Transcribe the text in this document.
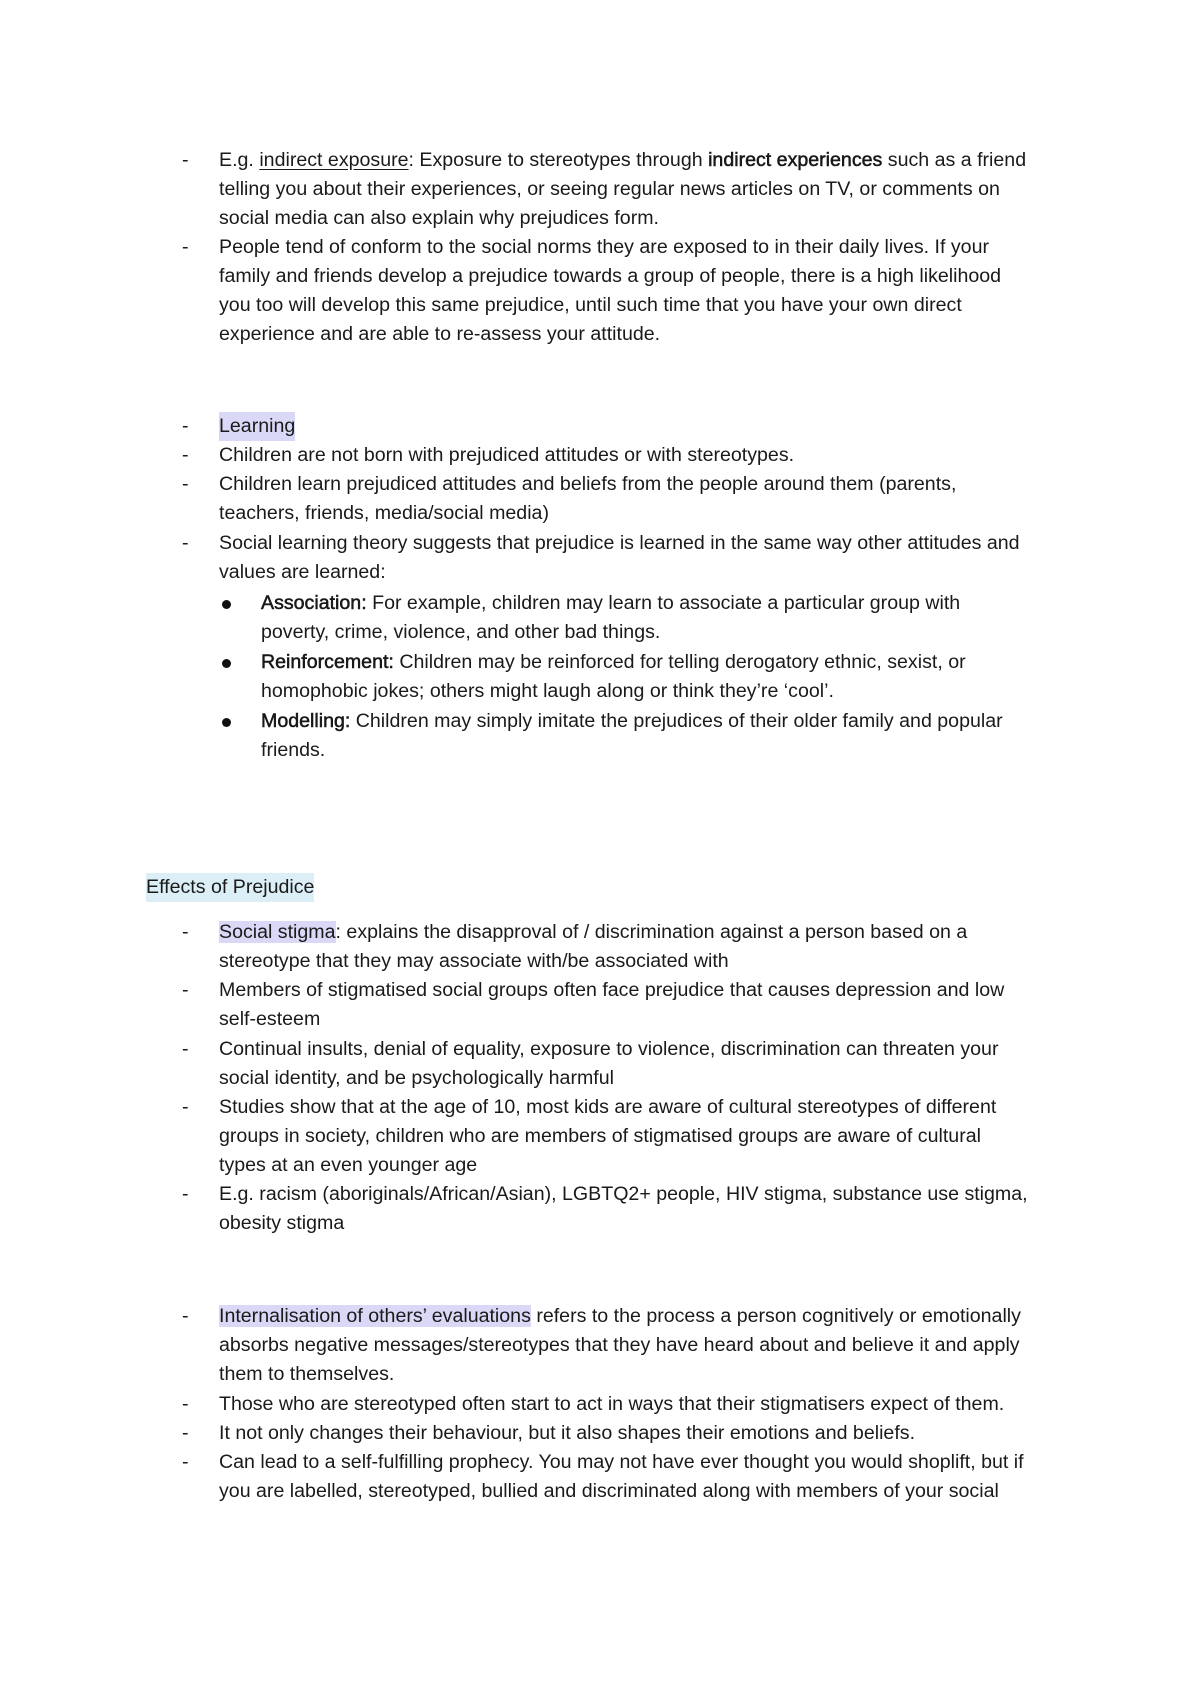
- E.g. indirect exposure: Exposure to stereotypes through indirect experiences such as a friend
telling you about their experiences, or seeing regular news articles on TV, or comments on
social media can also explain why prejudices form.
- People tend of conform to the social norms they are exposed to in their daily lives. If your
family and friends develop a prejudice towards a group of people, there is a high likelihood
you too will develop this same prejudice, until such time that you have your own direct
experience and are able to re-assess your attitude.
- Learning
- Children are not born with prejudiced attitudes or with stereotypes.
- Children learn prejudiced attitudes and beliefs from the people around them (parents,
teachers, friends, media/social media)
- Social learning theory suggests that prejudice is learned in the same way other attitudes and
values are learned:
Association: For example, children may learn to associate a particular group with
poverty, crime, violence, and other bad things.
Reinforcement: Children may be reinforced for telling derogatory ethnic, sexist, or
homophobic jokes; others might laugh along or think they’re ‘cool’.
Modelling: Children may simply imitate the prejudices of their older family and popular
friends.
Effects of Prejudice
- Social stigma: explains the disapproval of / discrimination against a person based on a
stereotype that they may associate with/be associated with
- Members of stigmatised social groups often face prejudice that causes depression and low
self-esteem
- Continual insults, denial of equality, exposure to violence, discrimination can threaten your
social identity, and be psychologically harmful
- Studies show that at the age of 10, most kids are aware of cultural stereotypes of different
groups in society, children who are members of stigmatised groups are aware of cultural
types at an even younger age
- E.g. racism (aboriginals/African/Asian), LGBTQ2+ people, HIV stigma, substance use stigma,
obesity stigma
- Internalisation of others’ evaluations refers to the process a person cognitively or emotionally
absorbs negative messages/stereotypes that they have heard about and believe it and apply
them to themselves.
- Those who are stereotyped often start to act in ways that their stigmatisers expect of them.
- It not only changes their behaviour, but it also shapes their emotions and beliefs.
- Can lead to a self-fulfilling prophecy. You may not have ever thought you would shoplift, but if
you are labelled, stereotyped, bullied and discriminated along with members of your social
